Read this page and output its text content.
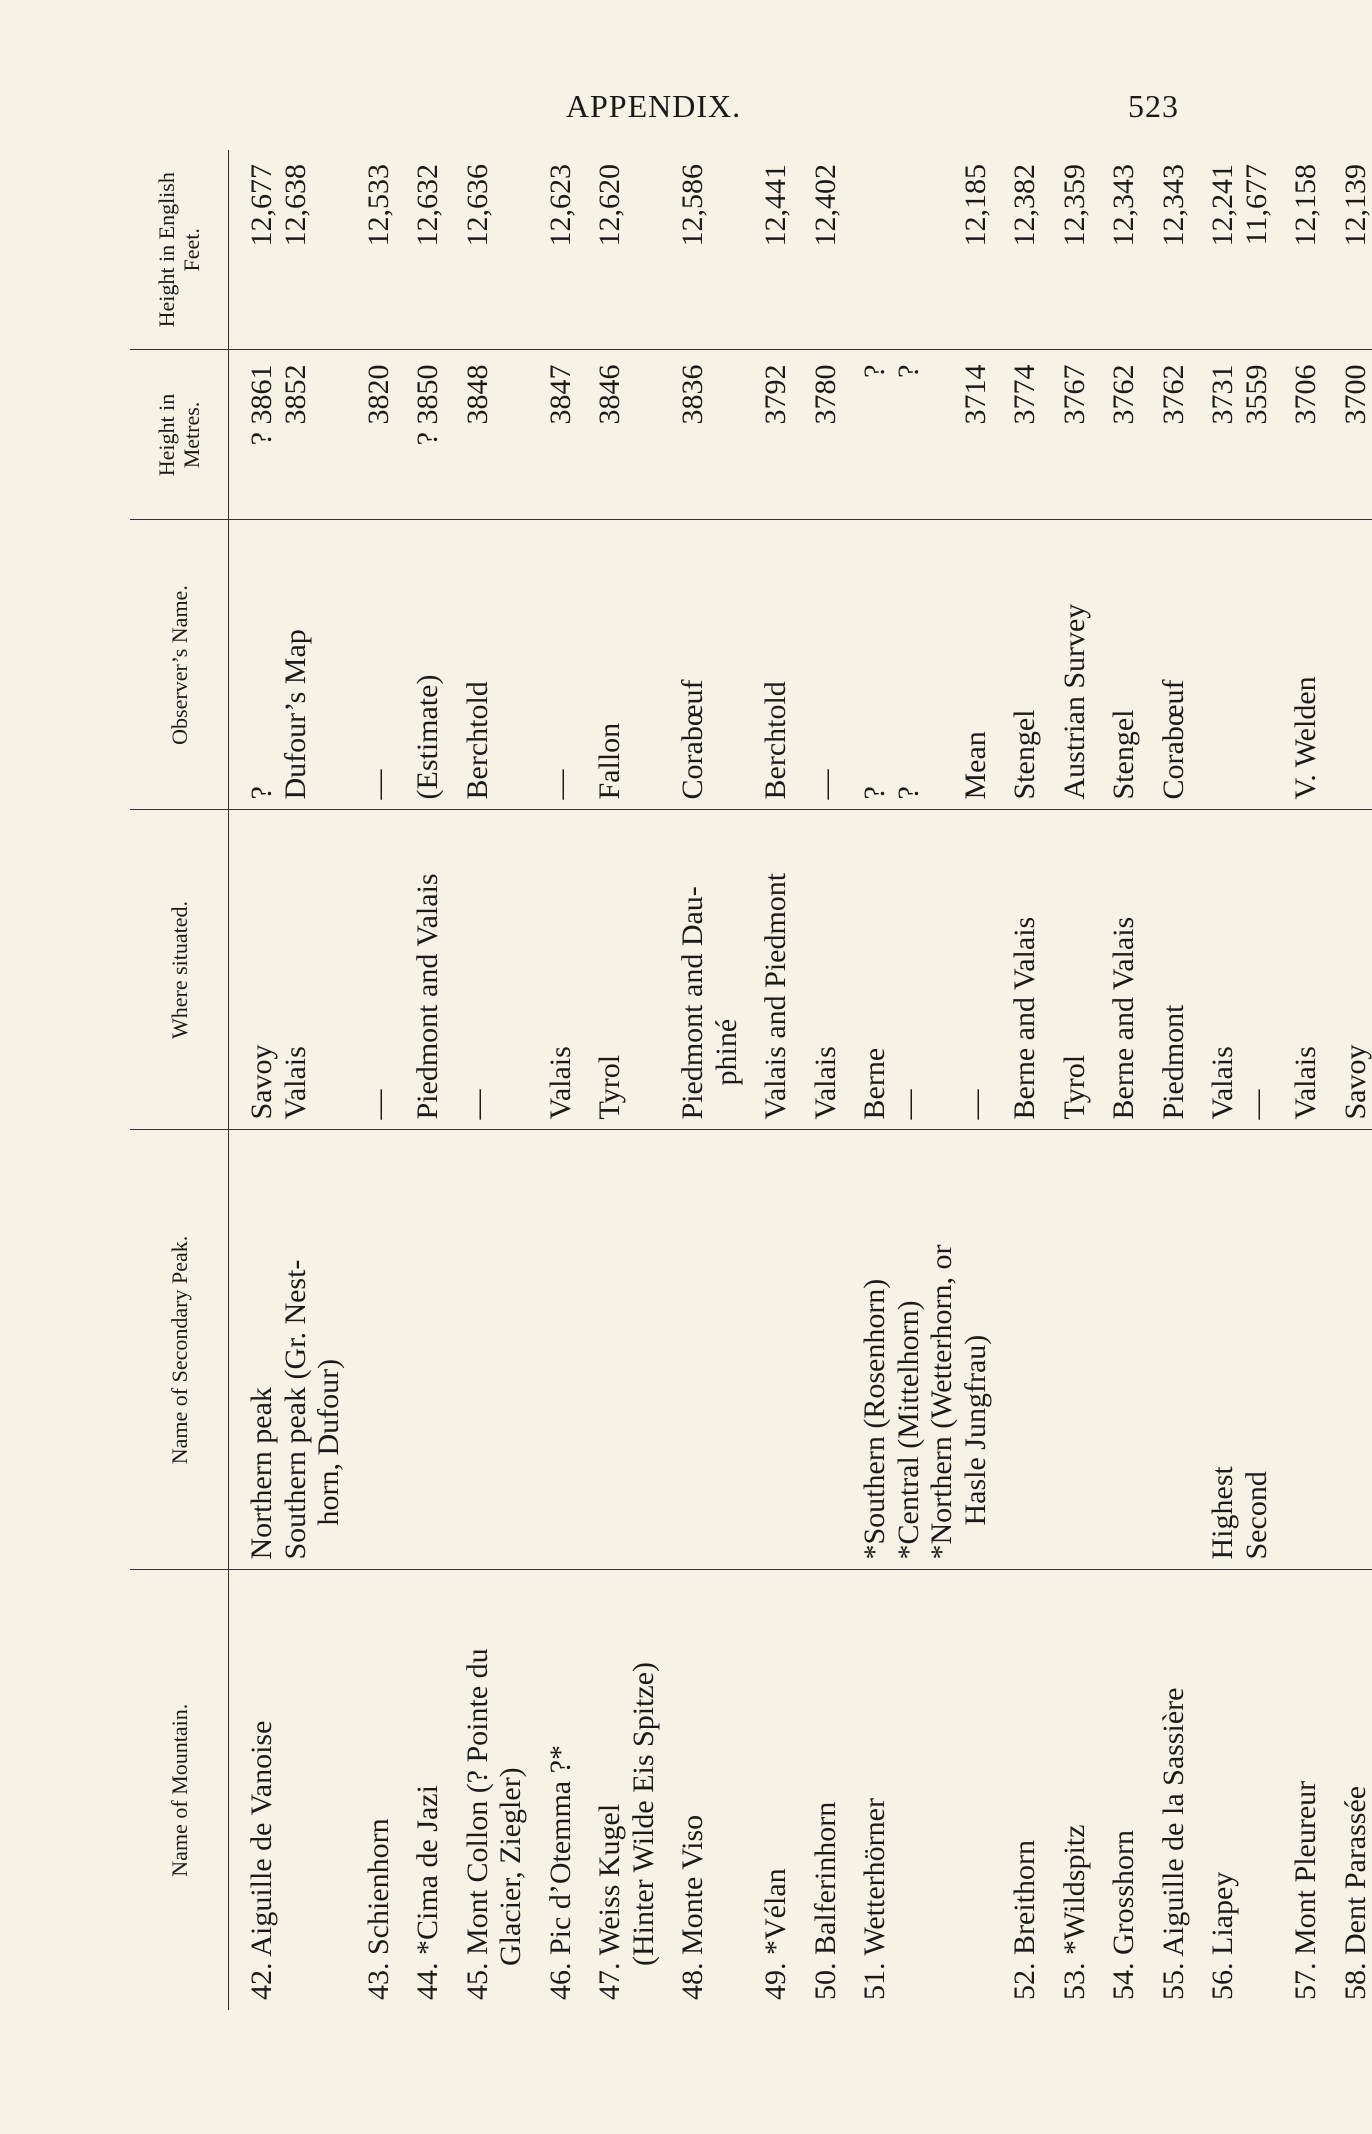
APPENDIX.	523
Name of Mountain.	Name of Secondary Peak.	Where situated.	Observer’s Name.	Height in Metres.	Height in English Feet.
42. Aiguille de Vanoise	Northern peak	Savoy	?	? 3861	12,677
	Southern peak (Gr. Nest-	Valais	Dufour’s Map	3852	12,638

	horn, Dufour)				

43. Schienhorn		—	—	3820	12,533
44. *Cima de Jazi		Piedmont and Valais	(Estimate)	? 3850	12,632
45. Mont Collon (? Pointe du		—	Berchtold	3848	12,636

Glacier, Ziegler)					

46. Pic d’Otemma ?*		Valais	—	3847	12,623
47. Weiss Kugel		Tyrol	Fallon	3846	12,620

(Hinter Wilde Eis Spitze)					

48. Monte Viso		Piedmont and Dau-	Corabœuf	3836	12,586

		phiné			

49. *Vélan		Valais and Piedmont	Berchtold	3792	12,441
50. Balferinhorn		Valais	—	3780	12,402
51. Wetterhörner	*Southern (Rosenhorn)	Berne	?	?	
	*Central (Mittelhorn)	—	?	?	
	*Northern (Wetterhorn, or				

	Hasle Jungfrau)	—	Mean	3714	12,185
52. Breithorn		Berne and Valais	Stengel	3774	12,382
53. *Wildspitz		Tyrol	Austrian Survey	3767	12,359
54. Grosshorn		Berne and Valais	Stengel	3762	12,343
55. Aiguille de la Sassière		Piedmont	Corabœuf	3762	12,343
56. Liapey	Highest	Valais		3731	12,241
	Second	—		3559	11,677
57. Mont Pleureur		Valais	V. Welden	3706	12,158
58. Dent Parassée		Savoy		3700	12,139
